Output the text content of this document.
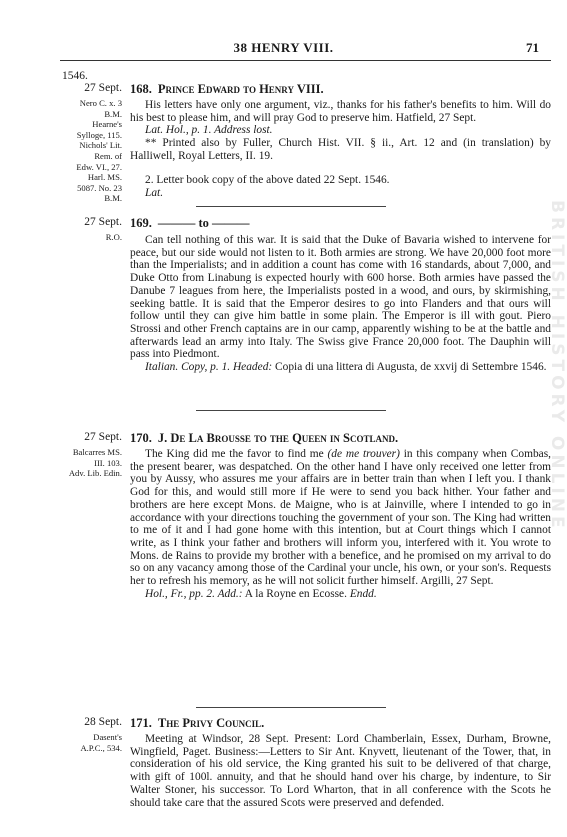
38 HENRY VIII.	71
BRITISH HISTORY ONLINE
1546.
27 Sept.
Nero C. x. 3
B.M.
Hearne's
Sylloge, 115.
Nichols' Lit.
Rem. of
Edw. VI., 27.
168. Prince Edward to Henry VIII.

His letters have only one argument, viz., thanks for his father's benefits to him. Will do his best to please him, and will pray God to preserve him. Hatfield, 27 Sept.

Lat. Hol., p. 1. Address lost.

** Printed also by Fuller, Church Hist. VII. § ii., Art. 12 and (in translation) by Halliwell, Royal Letters, II. 19.

Harl. MS.
5087. No. 23
B.M.

2. Letter book copy of the above dated 22 Sept. 1546.

Lat.

27 Sept.
R.O.
169. ——— to ———

Can tell nothing of this war. It is said that the Duke of Bavaria wished to intervene for peace, but our side would not listen to it. Both armies are strong. We have 20,000 foot more than the Imperialists; and in addition a count has come with 16 standards, about 7,000, and Duke Otto from Linabung is expected hourly with 600 horse. Both armies have passed the Danube 7 leagues from here, the Imperialists posted in a wood, and ours, by skirmishing, seeking battle. It is said that the Emperor desires to go into Flanders and that ours will follow until they can give him battle in some plain. The Emperor is ill with gout. Piero Strossi and other French captains are in our camp, apparently wishing to be at the battle and afterwards lead an army into Italy. The Swiss give France 20,000 foot. The Dauphin will pass into Piedmont.

Italian. Copy, p. 1. Headed: Copia di una littera di Augusta, de xxvij di Settembre 1546.

27 Sept.
Balcarres MS.
III. 103.
Adv. Lib. Edin.
170. J. De La Brousse to the Queen in Scotland.

The King did me the favor to find me (de me trouver) in this company when Combas, the present bearer, was despatched. On the other hand I have only received one letter from you by Aussy, who assures me your affairs are in better train than when I left you. I thank God for this, and would still more if He were to send you back hither. Your father and brothers are here except Mons. de Maigne, who is at Jainville, where I intended to go in accordance with your directions touching the government of your son. The King had written to me of it and I had gone home with this intention, but at Court things which I cannot write, as I think your father and brothers will inform you, interfered with it. You wrote to Mons. de Rains to provide my brother with a benefice, and he promised on my arrival to do so on any vacancy among those of the Cardinal your uncle, his own, or your son's. Requests her to refresh his memory, as he will not solicit further himself. Argilli, 27 Sept.

Hol., Fr., pp. 2. Add.: A la Royne en Ecosse. Endd.

28 Sept.
Dasent's
A.P.C., 534.
171. The Privy Council.

Meeting at Windsor, 28 Sept. Present: Lord Chamberlain, Essex, Durham, Browne, Wingfield, Paget. Business:—Letters to Sir Ant. Knyvett, lieutenant of the Tower, that, in consideration of his old service, the King granted his suit to be delivered of that charge, with gift of 100l. annuity, and that he should hand over his charge, by indenture, to Sir Walter Stoner, his successor. To Lord Wharton, that in all conference with the Scots he should take care that the assured Scots were preserved and defended.
